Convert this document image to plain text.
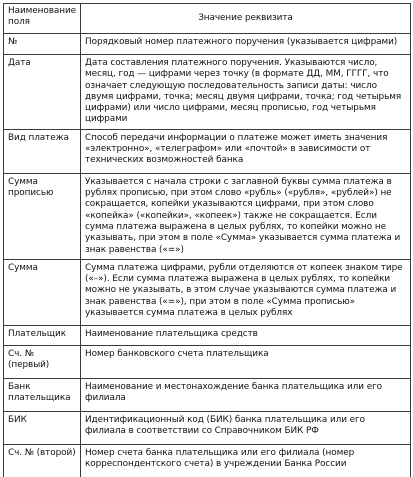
Наименование поля	Значение реквизита

№	Порядковый номер платежного поручения (указывается цифрами)

Дата	Дата составления платежного поручения. Указываются число, месяц, год — цифрами через точку (в формате ДД, ММ, ГГГГ, что означает следующую последовательность записи даты: число двумя цифрами, точка; месяц двумя цифрами, точка; год четырьмя цифрами) или число цифрами, месяц прописью, год четырьмя цифрами

Вид платежа	Способ передачи информации о платеже может иметь значения «электронно», «телеграфом» или «почтой» в зависимости от технических возможностей банка

Сумма прописью	Указывается с начала строки с заглавной буквы сумма платежа в рублях прописью, при этом слово «рубль» («рубля», «рублей») не сокращается, копейки указываются цифрами, при этом слово «копейка» («копейки», «копеек») также не сокращается. Если сумма платежа выражена в целых рублях, то копейки можно не указывать, при этом в поле «Сумма» указывается сумма платежа и знак равенства («=»)

Сумма	Сумма платежа цифрами, рубли отделяются от копеек знаком тире («–»). Если сумма платежа выражена в целых рублях, то копейки можно не указывать, в этом случае указываются сумма платежа и знак равенства («=»), при этом в поле «Сумма прописью» указывается сумма платежа в целых рублях

Плательщик	Наименование плательщика средств

Сч. № (первый)	Номер банковского счета плательщика

Банк плательщика	Наименование и местонахождение банка плательщика или его филиала

БИК	Идентификационный код (БИК) банка плательщика или его филиала в соответствии со Справочником БИК РФ

Сч. № (второй)	Номер счета банка плательщика или его филиала (номер корреспондентского счета) в учреждении Банка России
